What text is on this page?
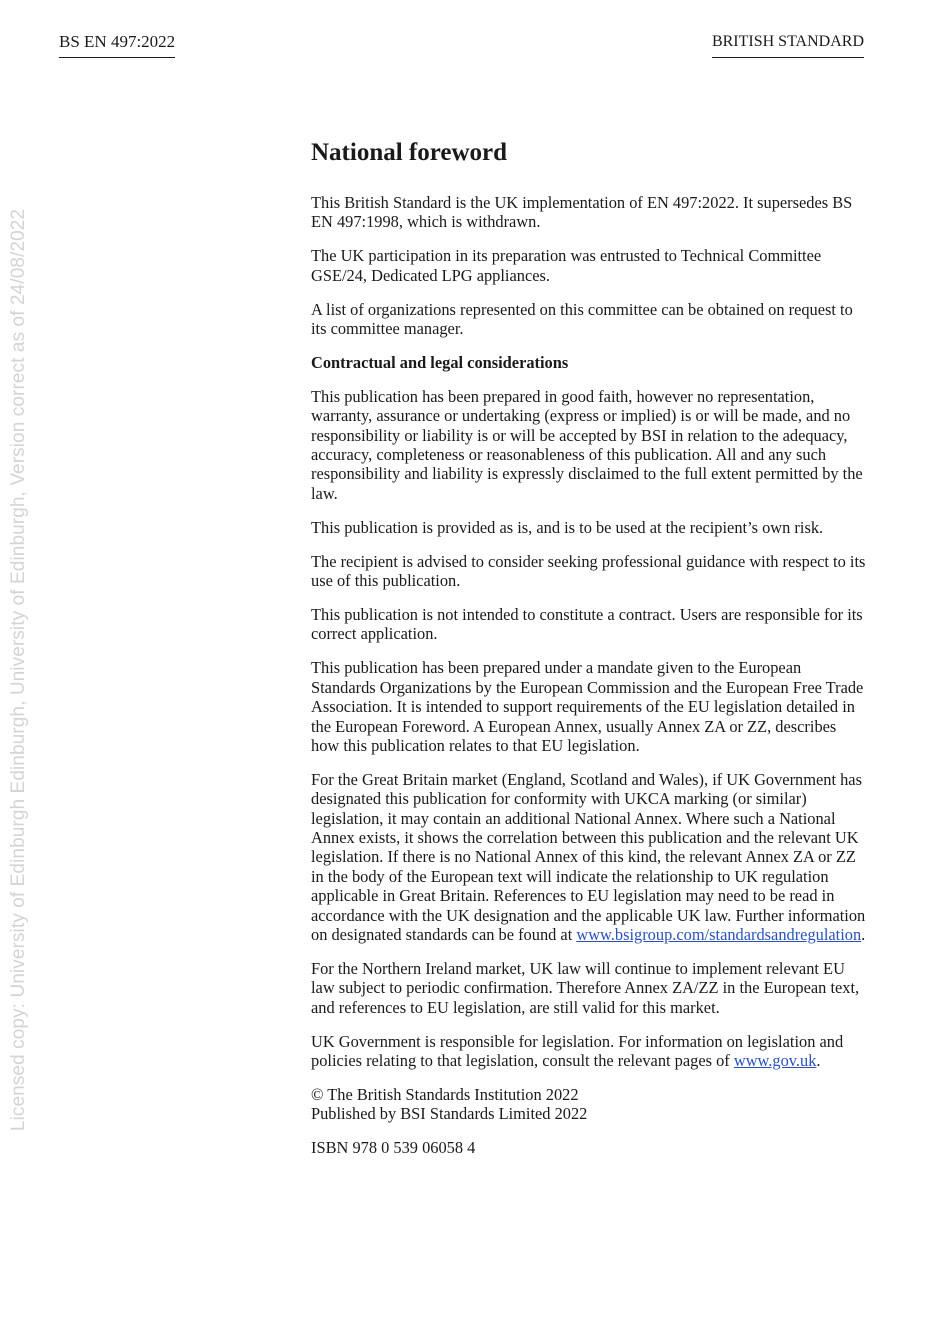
BS EN 497:2022	BRITISH STANDARD
Licensed copy: University of Edinburgh Edinburgh, University of Edinburgh, Version correct as of 24/08/2022
National foreword

This British Standard is the UK implementation of EN 497:2022. It supersedes BS EN 497:1998, which is withdrawn.

The UK participation in its preparation was entrusted to Technical Committee GSE/24, Dedicated LPG appliances.

A list of organizations represented on this committee can be obtained on request to its committee manager.

Contractual and legal considerations

This publication has been prepared in good faith, however no representation, warranty, assurance or undertaking (express or implied) is or will be made, and no responsibility or liability is or will be accepted by BSI in relation to the adequacy, accuracy, completeness or reasonableness of this publication. All and any such responsibility and liability is expressly disclaimed to the full extent permitted by the law.

This publication is provided as is, and is to be used at the recipient’s own risk.

The recipient is advised to consider seeking professional guidance with respect to its use of this publication.

This publication is not intended to constitute a contract. Users are responsible for its correct application.

This publication has been prepared under a mandate given to the European Standards Organizations by the European Commission and the European Free Trade Association. It is intended to support requirements of the EU legislation detailed in the European Foreword. A European Annex, usually Annex ZA or ZZ, describes how this publication relates to that EU legislation.

For the Great Britain market (England, Scotland and Wales), if UK Government has designated this publication for conformity with UKCA marking (or similar) legislation, it may contain an additional National Annex. Where such a National Annex exists, it shows the correlation between this publication and the relevant UK legislation. If there is no National Annex of this kind, the relevant Annex ZA or ZZ in the body of the European text will indicate the relationship to UK regulation applicable in Great Britain. References to EU legislation may need to be read in accordance with the UK designation and the applicable UK law. Further information on designated standards can be found at www.bsigroup.com/standardsandregulation.

For the Northern Ireland market, UK law will continue to implement relevant EU law subject to periodic confirmation. Therefore Annex ZA/ZZ in the European text, and references to EU legislation, are still valid for this market.

UK Government is responsible for legislation. For information on legislation and policies relating to that legislation, consult the relevant pages of www.gov.uk.

© The British Standards Institution 2022
Published by BSI Standards Limited 2022

ISBN 978 0 539 06058 4
